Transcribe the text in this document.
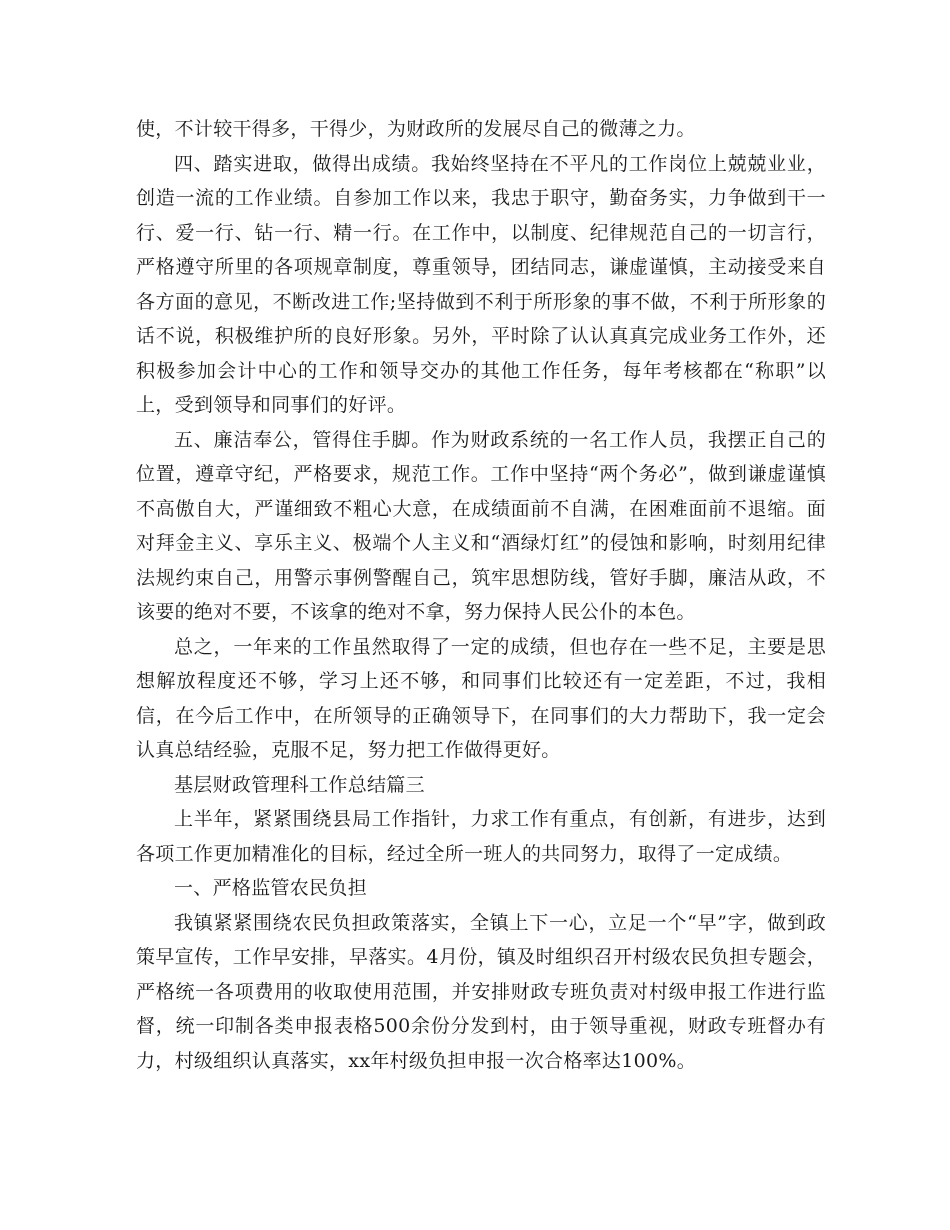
使，不计较干得多，干得少，为财政所的发展尽自己的微薄之力。

四、踏实进取，做得出成绩。我始终坚持在不平凡的工作岗位上兢兢业业，创造一流的工作业绩。自参加工作以来，我忠于职守，勤奋务实，力争做到干一行、爱一行、钻一行、精一行。在工作中，以制度、纪律规范自己的一切言行，严格遵守所里的各项规章制度，尊重领导，团结同志，谦虚谨慎，主动接受来自各方面的意见，不断改进工作;坚持做到不利于所形象的事不做，不利于所形象的话不说，积极维护所的良好形象。另外，平时除了认认真真完成业务工作外，还积极参加会计中心的工作和领导交办的其他工作任务，每年考核都在“称职”以上，受到领导和同事们的好评。

五、廉洁奉公，管得住手脚。作为财政系统的一名工作人员，我摆正自己的位置，遵章守纪，严格要求，规范工作。工作中坚持“两个务必”，做到谦虚谨慎不高傲自大，严谨细致不粗心大意，在成绩面前不自满，在困难面前不退缩。面对拜金主义、享乐主义、极端个人主义和“酒绿灯红”的侵蚀和影响，时刻用纪律法规约束自己，用警示事例警醒自己，筑牢思想防线，管好手脚，廉洁从政，不该要的绝对不要，不该拿的绝对不拿，努力保持人民公仆的本色。

总之，一年来的工作虽然取得了一定的成绩，但也存在一些不足，主要是思想解放程度还不够，学习上还不够，和同事们比较还有一定差距，不过，我相信，在今后工作中，在所领导的正确领导下，在同事们的大力帮助下，我一定会认真总结经验，克服不足，努力把工作做得更好。

基层财政管理科工作总结篇三

上半年，紧紧围绕县局工作指针，力求工作有重点，有创新，有进步，达到各项工作更加精准化的目标，经过全所一班人的共同努力，取得了一定成绩。

一、严格监管农民负担

我镇紧紧围绕农民负担政策落实，全镇上下一心，立足一个“早”字，做到政策早宣传，工作早安排，早落实。4月份，镇及时组织召开村级农民负担专题会，严格统一各项费用的收取使用范围，并安排财政专班负责对村级申报工作进行监督，统一印制各类申报表格500余份分发到村，由于领导重视，财政专班督办有力，村级组织认真落实，xx年村级负担申报一次合格率达100%。
